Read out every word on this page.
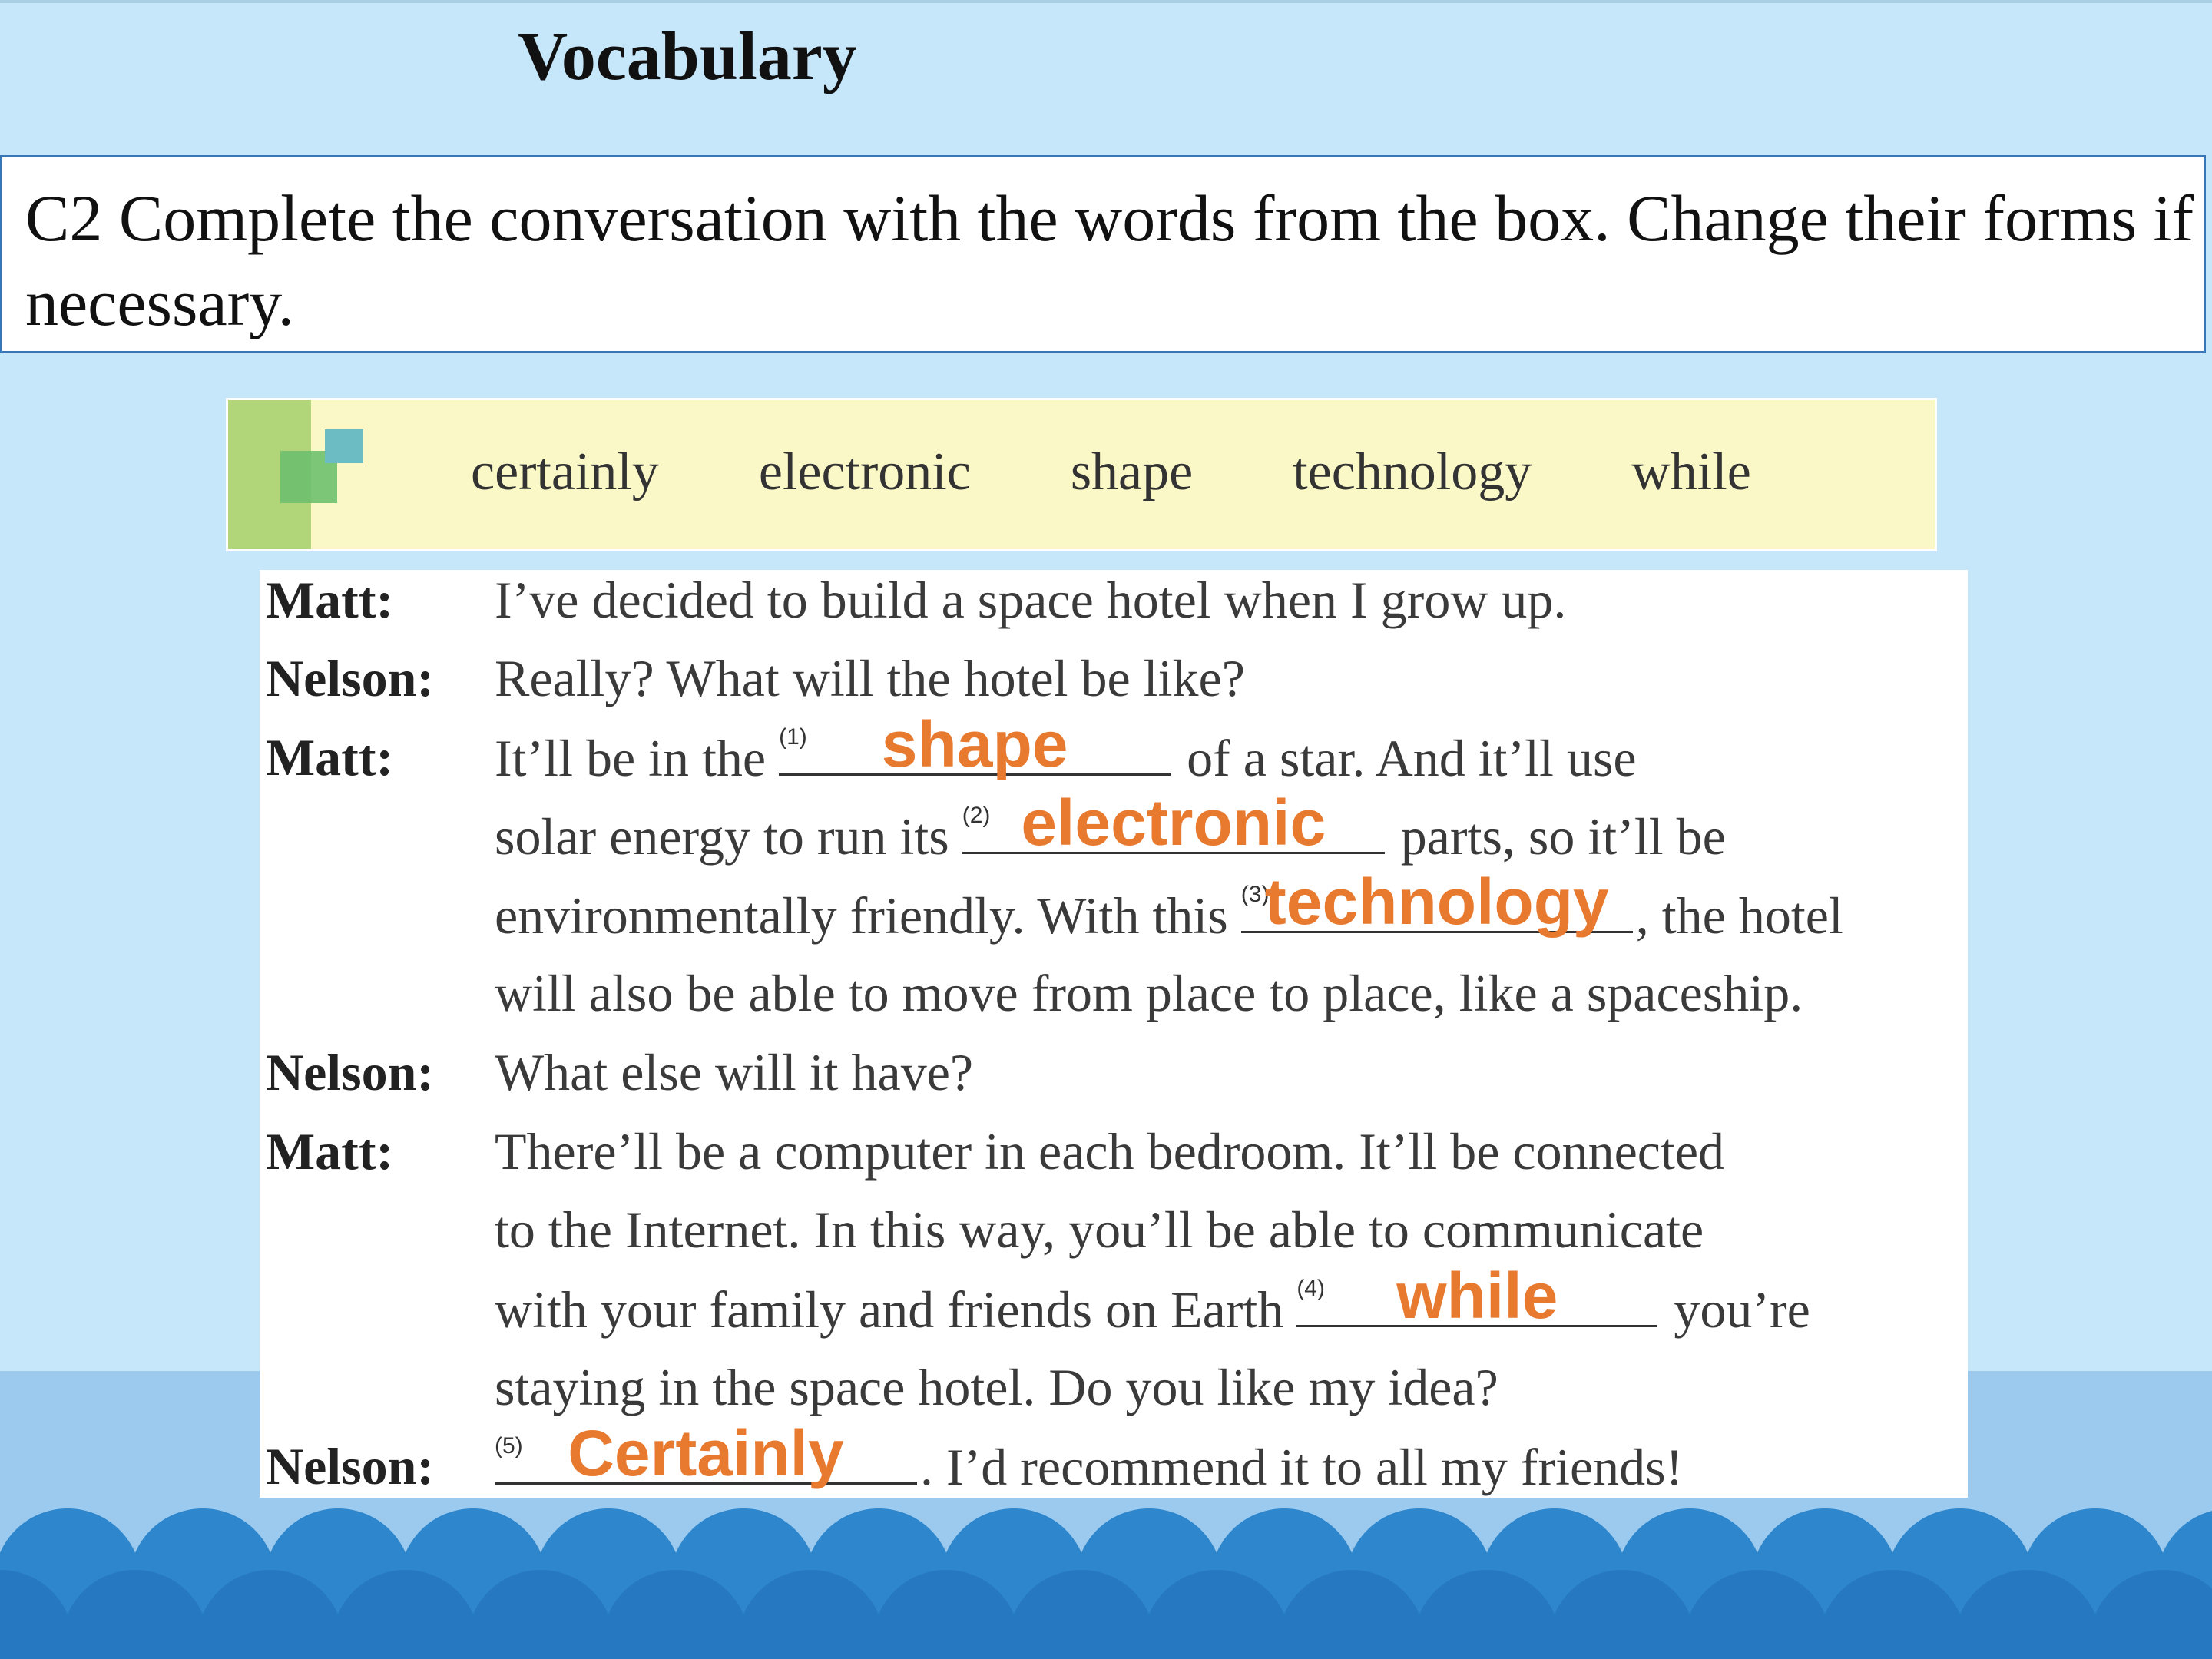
Vocabulary
C2 Complete the conversation with the words from the box. Change their forms if necessary.
certainly electronic shape technology while
Matt: I’ve decided to build a space hotel when I grow up.
Nelson: Really? What will the hotel be like?
Matt: It’ll be in the (1)	shape	of a star. And it’ll use
solar energy to run its (2) electronic	parts, so it’ll be
environmentally friendly. With this (3)
technology , the hotel
will also be able to move from place to place, like a spaceship.
Nelson: What else will it have?
Matt: There’ll be a computer in each bedroom. It’ll be connected
to the Internet. In this way, you’ll be able to communicate
with your family and friends on Earth (4)	while	you’re
staying in the space hotel. Do you like my idea?
Nelson:	(5) Certainly	. I’d recommend it to all my friends!
